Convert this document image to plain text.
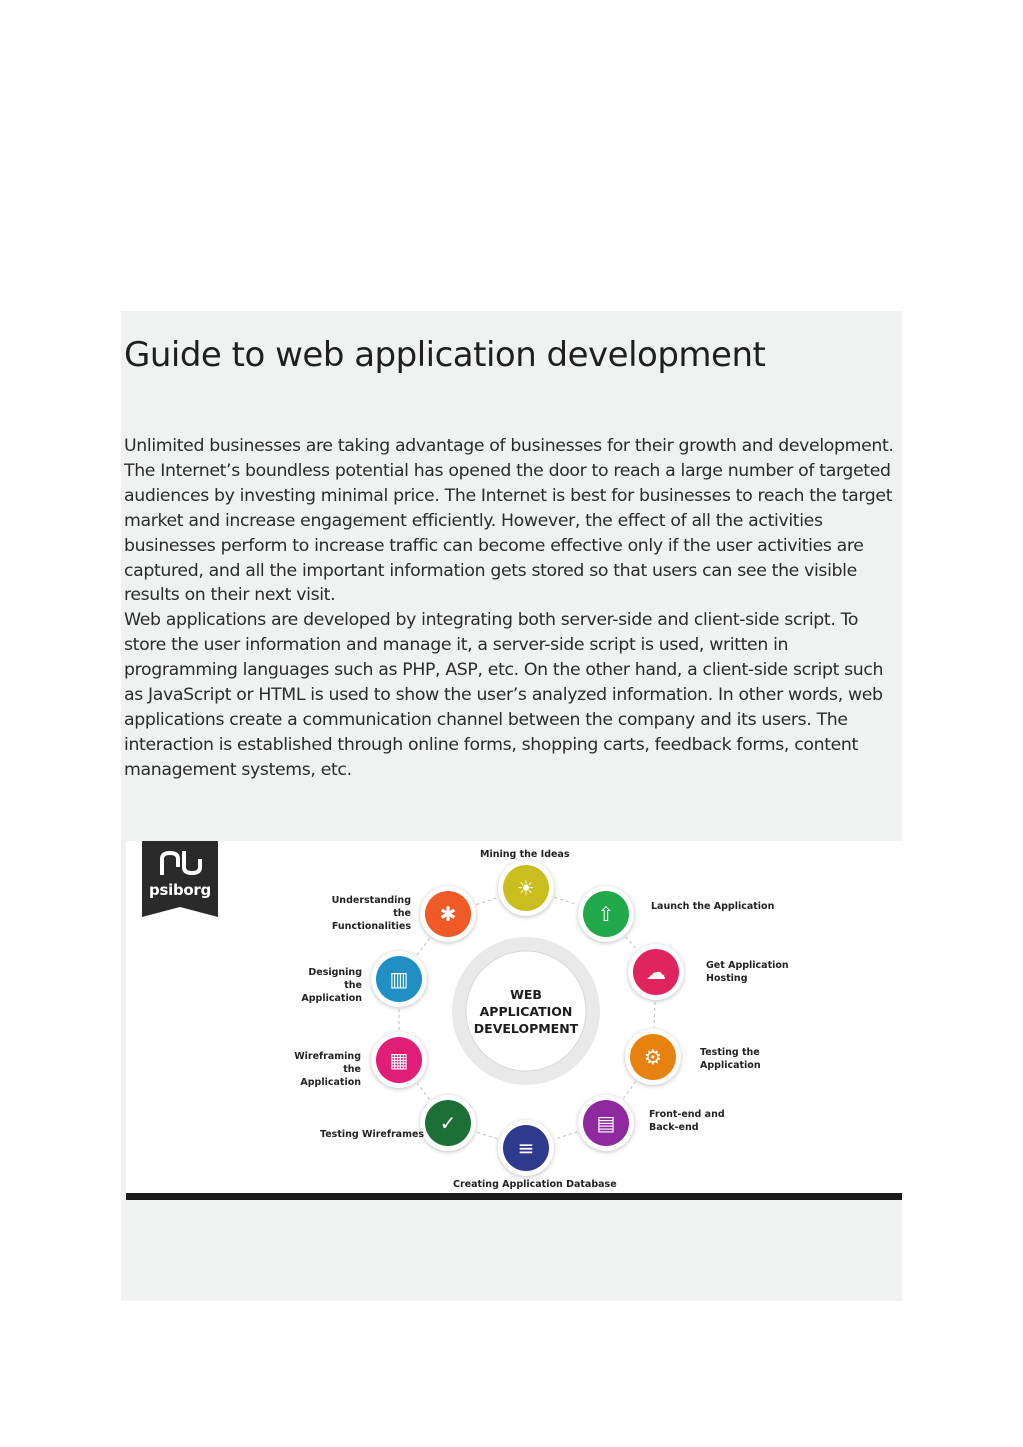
Guide to web application development

Unlimited businesses are taking advantage of businesses for their growth and development. The Internet’s boundless potential has opened the door to reach a large number of targeted audiences by investing minimal price. The Internet is best for businesses to reach the target market and increase engagement efficiently. However, the effect of all the activities businesses perform to increase traffic can become effective only if the user activities are captured, and all the important information gets stored so that users can see the visible results on their next visit.

Web applications are developed by integrating both server-side and client-side script. To store the user information and manage it, a server-side script is used, written in programming languages such as PHP, ASP, etc. On the other hand, a client-side script such as JavaScript or HTML is used to show the user’s analyzed information. In other words, web applications create a communication channel between the company and its users. The interaction is established through online forms, shopping carts, feedback forms, content management systems, etc.

psiborg
WEB
APPLICATION
DEVELOPMENT
☀
Mining the Ideas
⇧	Launch the Application
☁	Get Application
Hosting
⚙	Testing the
Application
▤	Front-end and
Back-end
≡
Creating Application Database
✓
Testing Wireframes
▦
Wireframing the
Application
▥
Designing the
Application
✱
Understanding the
Functionalities
